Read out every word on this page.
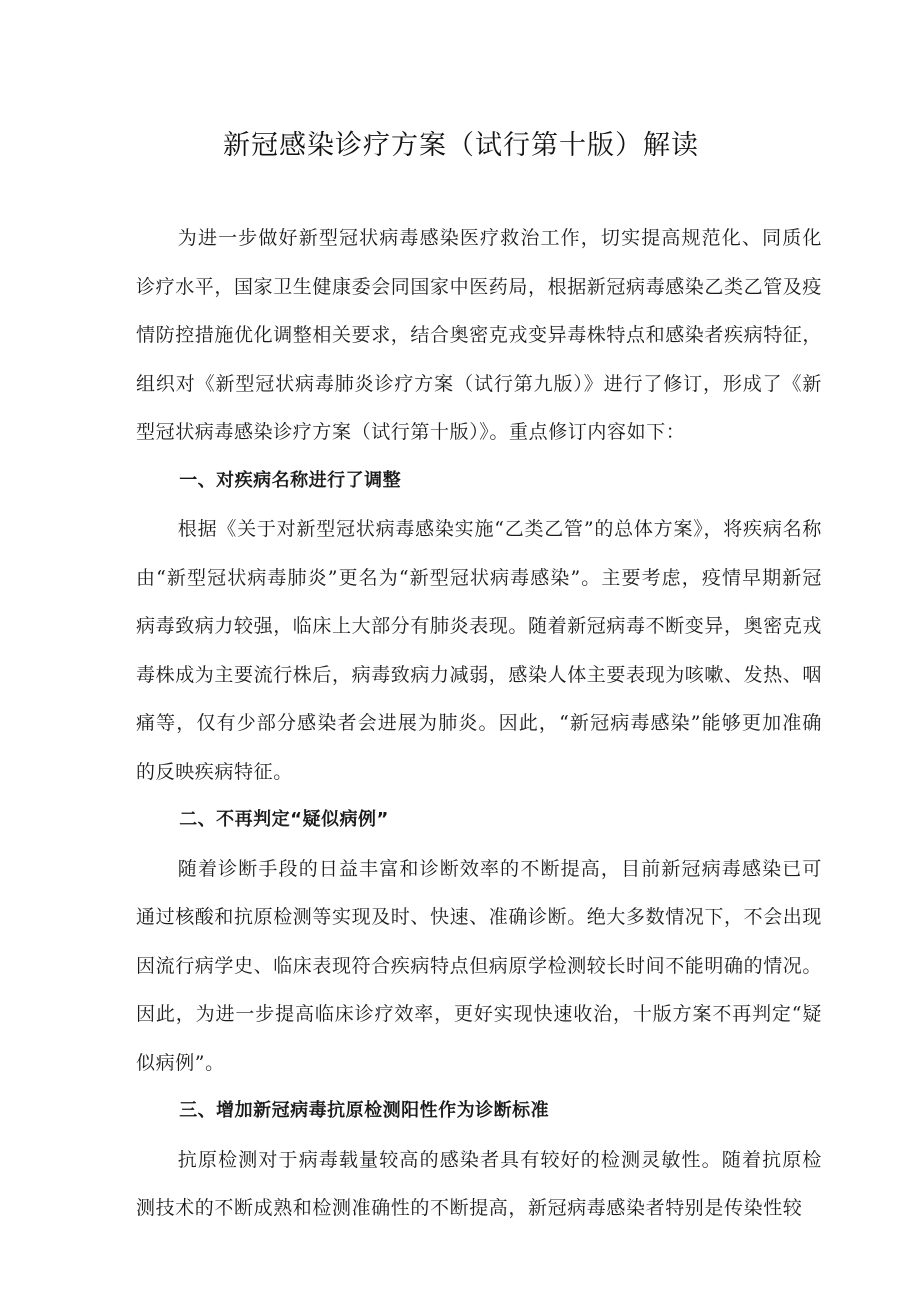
新冠感染诊疗方案（试行第十版）解读

为进一步做好新型冠状病毒感染医疗救治工作，切实提高规范化、同质化诊疗水平，国家卫生健康委会同国家中医药局，根据新冠病毒感染乙类乙管及疫情防控措施优化调整相关要求，结合奥密克戎变异毒株特点和感染者疾病特征，组织对《新型冠状病毒肺炎诊疗方案（试行第九版）》进行了修订，形成了《新型冠状病毒感染诊疗方案（试行第十版）》。重点修订内容如下：

一、对疾病名称进行了调整

根据《关于对新型冠状病毒感染实施“乙类乙管”的总体方案》，将疾病名称由“新型冠状病毒肺炎”更名为“新型冠状病毒感染”。主要考虑，疫情早期新冠病毒致病力较强，临床上大部分有肺炎表现。随着新冠病毒不断变异，奥密克戎毒株成为主要流行株后，病毒致病力减弱，感染人体主要表现为咳嗽、发热、咽痛等，仅有少部分感染者会进展为肺炎。因此，“新冠病毒感染”能够更加准确的反映疾病特征。

二、不再判定“疑似病例”

随着诊断手段的日益丰富和诊断效率的不断提高，目前新冠病毒感染已可通过核酸和抗原检测等实现及时、快速、准确诊断。绝大多数情况下，不会出现因流行病学史、临床表现符合疾病特点但病原学检测较长时间不能明确的情况。因此，为进一步提高临床诊疗效率，更好实现快速收治，十版方案不再判定“疑似病例”。

三、增加新冠病毒抗原检测阳性作为诊断标准

抗原检测对于病毒载量较高的感染者具有较好的检测灵敏性。随着抗原检测技术的不断成熟和检测准确性的不断提高，新冠病毒感染者特别是传染性较
